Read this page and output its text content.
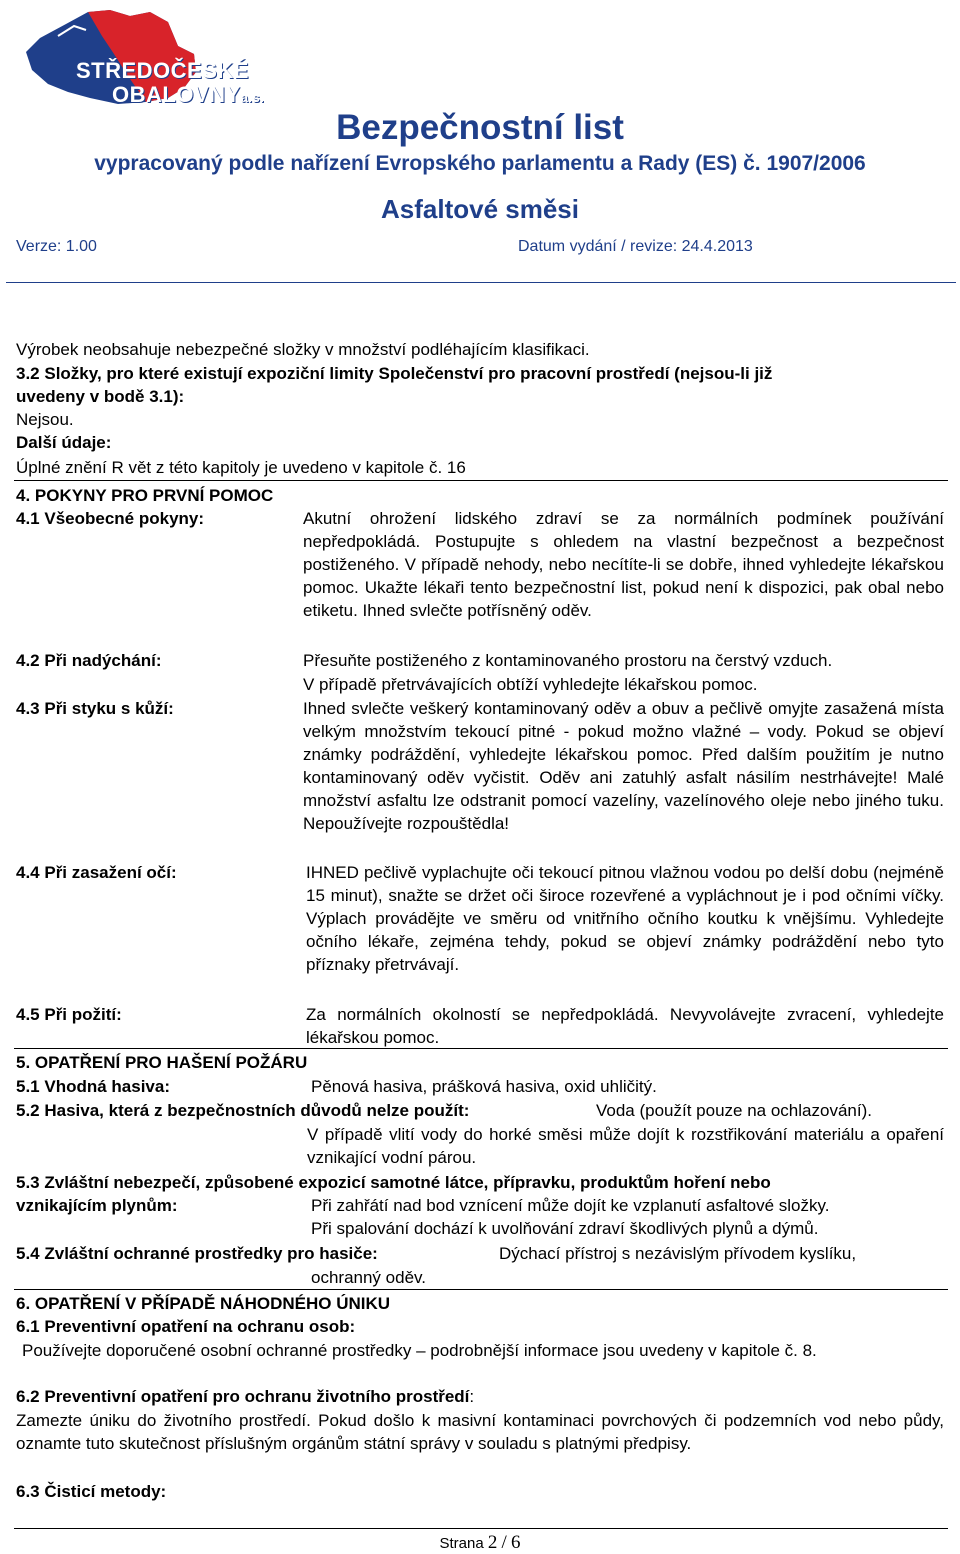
STŘEDOČESKÉ
OBALOVNYa.s.
Bezpečnostní list
vypracovaný podle nařízení Evropského parlamentu a Rady (ES) č. 1907/2006
Asfaltové směsi
Verze: 1.00	Datum vydání / revize: 24.4.2013
Výrobek neobsahuje nebezpečné složky v množství podléhajícím klasifikaci.
3.2 Složky, pro které existují expoziční limity Společenství pro pracovní prostředí (nejsou-li již
uvedeny v bodě 3.1):
Nejsou.
Další údaje:
Úplné znění R vět z této kapitoly je uvedeno v kapitole č. 16
4. POKYNY PRO PRVNÍ POMOC
4.1 Všeobecné pokyny:	Akutní ohrožení lidského zdraví se za normálních podmínek používání nepředpokládá. Postupujte s ohledem na vlastní bezpečnost a bezpečnost postiženého. V případě nehody, nebo necítíte-li se dobře, ihned vyhledejte lékařskou pomoc. Ukažte lékaři tento bezpečnostní list, pokud není k dispozici, pak obal nebo etiketu. Ihned svlečte potřísněný oděv.
4.2 Při nadýchání:	Přesuňte postiženého z kontaminovaného prostoru na čerstvý vzduch.
V případě přetrvávajících obtíží vyhledejte lékařskou pomoc.
4.3 Při styku s kůží:	Ihned svlečte veškerý kontaminovaný oděv a obuv a pečlivě omyjte zasažená místa velkým množstvím tekoucí pitné - pokud možno vlažné – vody. Pokud se objeví známky podráždění, vyhledejte lékařskou pomoc. Před dalším použitím je nutno kontaminovaný oděv vyčistit. Oděv ani zatuhlý asfalt násilím nestrhávejte! Malé množství asfaltu lze odstranit pomocí vazelíny, vazelínového oleje nebo jiného tuku. Nepoužívejte rozpouštědla!
4.4 Při zasažení očí:	IHNED pečlivě vyplachujte oči tekoucí pitnou vlažnou vodou po delší dobu (nejméně 15 minut), snažte se držet oči široce rozevřené a vypláchnout je i pod očními víčky. Výplach provádějte ve směru od vnitřního očního koutku k vnějšímu. Vyhledejte očního lékaře, zejména tehdy, pokud se objeví známky podráždění nebo tyto příznaky přetrvávají.
4.5 Při požití:	Za normálních okolností se nepředpokládá. Nevyvolávejte zvracení, vyhledejte lékařskou pomoc.
5. OPATŘENÍ PRO HAŠENÍ POŽÁRU
5.1 Vhodná hasiva:	Pěnová hasiva, prášková hasiva, oxid uhličitý.
5.2 Hasiva, která z bezpečnostních důvodů nelze použít:	Voda (použít pouze na ochlazování).
V případě vlití vody do horké směsi může dojít k rozstřikování materiálu a opaření vznikající vodní párou.
5.3 Zvláštní nebezpečí, způsobené expozicí samotné látce, přípravku, produktům hoření nebo
vznikajícím plynům:	Při zahřátí nad bod vznícení může dojít ke vzplanutí asfaltové složky.
Při spalování dochází k uvolňování zdraví škodlivých plynů a dýmů.
5.4 Zvláštní ochranné prostředky pro hasiče:	Dýchací přístroj s nezávislým přívodem kyslíku,
ochranný oděv.
6. OPATŘENÍ V PŘÍPADĚ NÁHODNÉHO ÚNIKU
6.1 Preventivní opatření na ochranu osob:
Používejte doporučené osobní ochranné prostředky – podrobnější informace jsou uvedeny v kapitole č. 8.
6.2 Preventivní opatření pro ochranu životního prostředí:
Zamezte úniku do životního prostředí. Pokud došlo k masivní kontaminaci povrchových či podzemních vod nebo půdy, oznamte tuto skutečnost příslušným orgánům státní správy v souladu s platnými předpisy.
6.3 Čisticí metody:
Strana 2 / 6
